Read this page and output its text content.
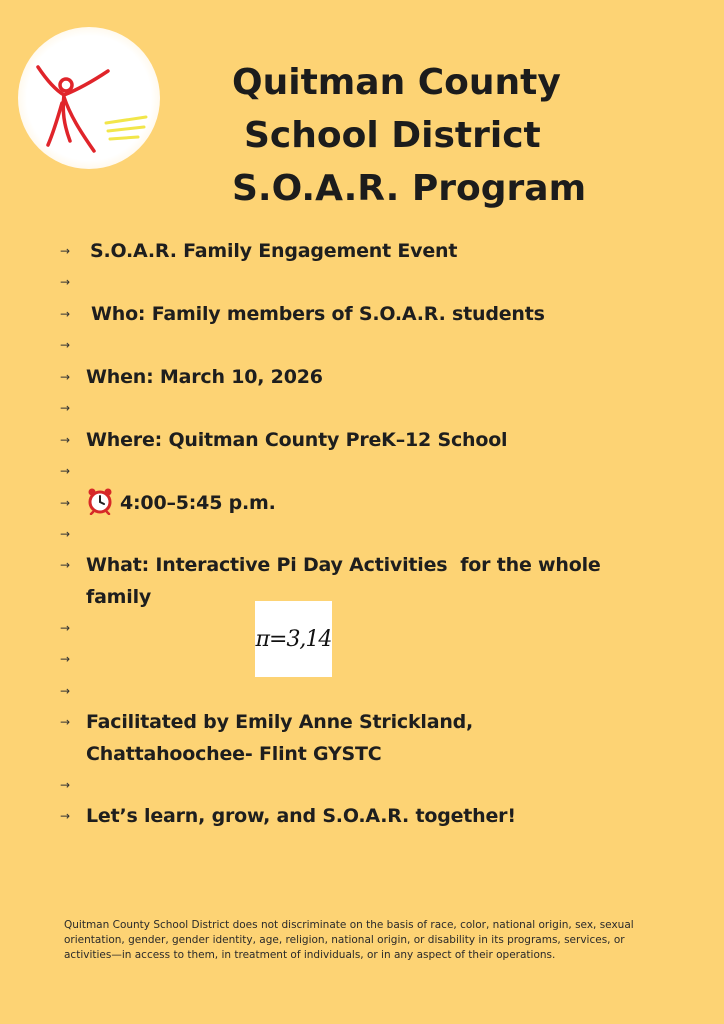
Quitman County
School District
S.O.A.R. Program
→	S.O.A.R. Family Engagement Event
→
→	Who: Family members of S.O.A.R. students
→
→ When: March 10, 2026
→
→ Where: Quitman County PreK–12 School
→
→	4:00–5:45 p.m.
→
→ What: Interactive Pi Day Activities  for the whole
family
→
→
→
→ Facilitated by Emily Anne Strickland,
Chattahoochee- Flint GYSTC
→
→ Let’s learn, grow, and S.O.A.R. together!
π=3,14
Quitman County School District does not discriminate on the basis of race, color, national origin, sex, sexual orientation, gender, gender identity, age, religion, national origin, or disability in its programs, services, or activities—in access to them, in treatment of individuals, or in any aspect of their operations.
